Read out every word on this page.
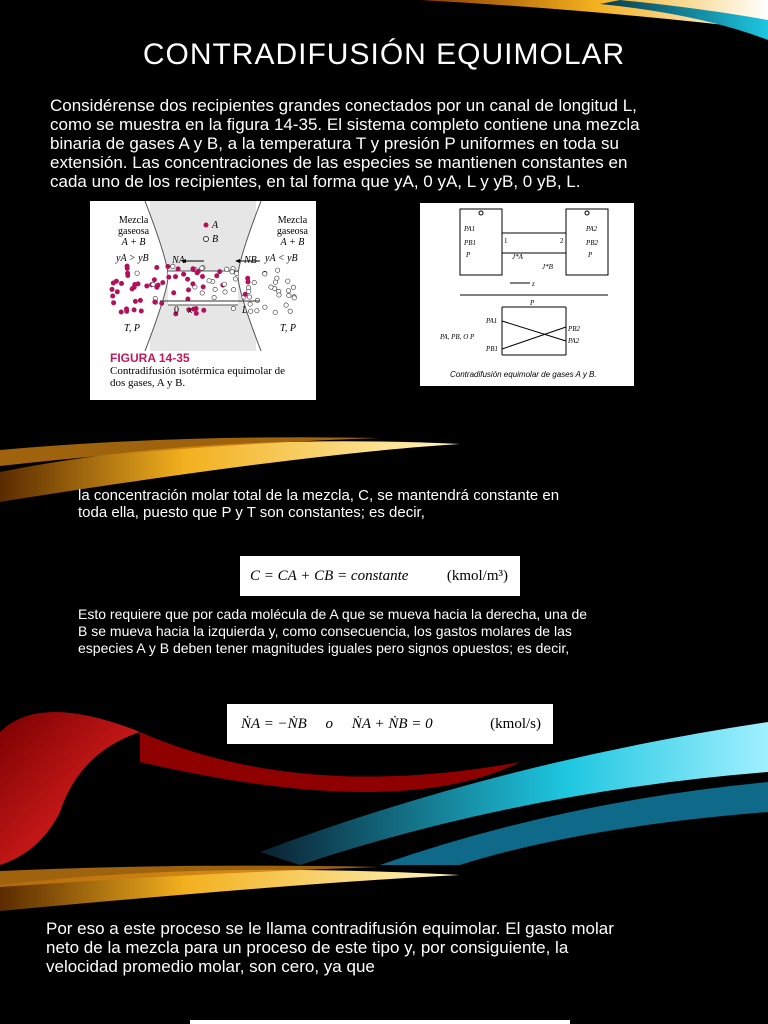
CONTRADIFUSIÓN EQUIMOLAR
Considérense dos recipientes grandes conectados por un canal de longitud L,
como se muestra en la figura 14-35. El sistema completo contiene una mezcla
binaria de gases A y B, a la temperatura T y presión P uniformes en toda su
extensión. Las concentraciones de las especies se mantienen constantes en
cada uno de los recipientes, en tal forma que yA, 0 yA, L y yB, 0 yB, L.
Mezcla
gaseosa
A + B
Mezcla
gaseosa
A + B
A
B
yA > yB	yA < yB
NA	NB
0 x	L
T, P	T, P
FIGURA 14-35
Contradifusión isotérmica equimolar de
dos gases, A y B.
PA1
PB1
P
PA2
PB2
P
1	2
J*A
J*B
z
P
PA1
PB1
PB2
PA2
PA, PB, O P
Contradifusión equimolar de gases A y B.
la concentración molar total de la mezcla, C, se mantendrá constante en
toda ella, puesto que P y T son constantes; es decir,
C = CA + CB = constante	(kmol/m³)
Esto requiere que por cada molécula de A que se mueva hacia la derecha, una de
B se mueva hacia la izquierda y, como consecuencia, los gastos molares de las
especies A y B deben tener magnitudes iguales pero signos opuestos; es decir,
ṄA = −ṄB     o     ṄA + ṄB = 0	(kmol/s)
Por eso a este proceso se le llama contradifusión equimolar. El gasto molar
neto de la mezcla para un proceso de este tipo y, por consiguiente, la
velocidad promedio molar, son cero, ya que
